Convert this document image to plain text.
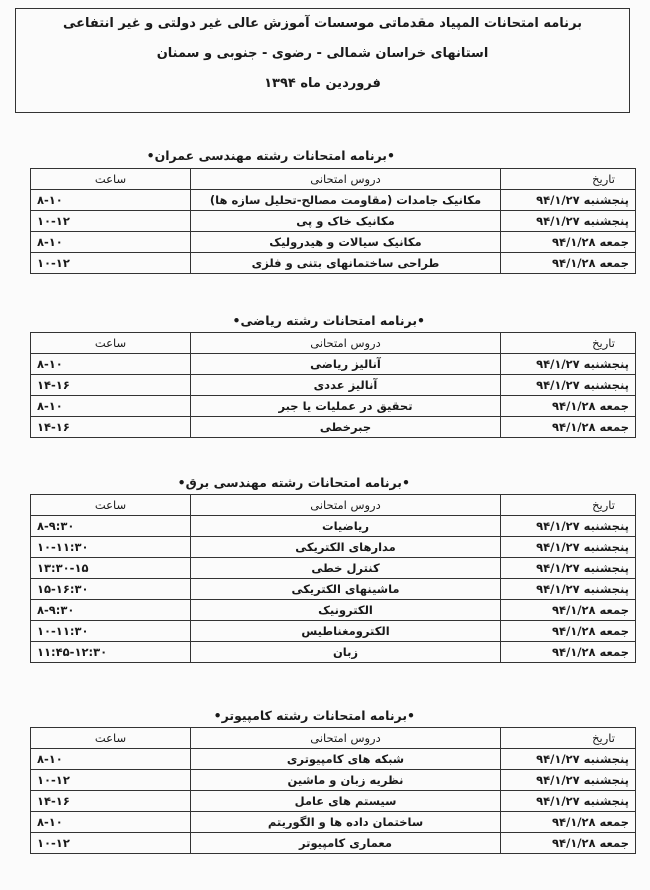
برنامه امتحانات المپیاد مقدماتی موسسات آموزش عالی غیر دولتی و غیر انتفاعی
استانهای خراسان شمالی - رضوی - جنوبی و سمنان
فروردین ماه ۱۳۹۴
•برنامه امتحانات رشته مهندسی عمران•
تاریخ	دروس امتحانی	ساعت
پنجشنبه ۹۴/۱/۲۷	مکانیک جامدات (مقاومت مصالح-تحلیل سازه ها)	۸-۱۰
پنجشنبه ۹۴/۱/۲۷	مکانیک خاک و پی	۱۰-۱۲
جمعه ۹۴/۱/۲۸	مکانیک سیالات و هیدرولیک	۸-۱۰
جمعه ۹۴/۱/۲۸	طراحی ساختمانهای بتنی و فلزی	۱۰-۱۲
•برنامه امتحانات رشته ریاضی•
تاریخ	دروس امتحانی	ساعت
پنجشنبه ۹۴/۱/۲۷	آنالیز ریاضی	۸-۱۰
پنجشنبه ۹۴/۱/۲۷	آنالیز عددی	۱۴-۱۶
جمعه ۹۴/۱/۲۸	تحقیق در عملیات یا جبر	۸-۱۰
جمعه ۹۴/۱/۲۸	جبرخطی	۱۴-۱۶
•برنامه امتحانات رشته مهندسی برق•
تاریخ	دروس امتحانی	ساعت
پنجشنبه ۹۴/۱/۲۷	ریاضیات	۸-۹:۳۰
پنجشنبه ۹۴/۱/۲۷	مدارهای الکتریکی	۱۰-۱۱:۳۰
پنجشنبه ۹۴/۱/۲۷	کنترل خطی	۱۳:۳۰-۱۵
پنجشنبه ۹۴/۱/۲۷	ماشینهای الکتریکی	۱۵-۱۶:۳۰
جمعه ۹۴/۱/۲۸	الکترونیک	۸-۹:۳۰
جمعه ۹۴/۱/۲۸	الکترومغناطیس	۱۰-۱۱:۳۰
جمعه ۹۴/۱/۲۸	زبان	۱۱:۴۵-۱۲:۳۰
•برنامه امتحانات رشته کامپیوتر•
تاریخ	دروس امتحانی	ساعت
پنجشنبه ۹۴/۱/۲۷	شبکه های کامپیوتری	۸-۱۰
پنجشنبه ۹۴/۱/۲۷	نظریه زبان و ماشین	۱۰-۱۲
پنجشنبه ۹۴/۱/۲۷	سیستم های عامل	۱۴-۱۶
جمعه ۹۴/۱/۲۸	ساختمان داده ها و الگوریتم	۸-۱۰
جمعه ۹۴/۱/۲۸	معماری کامپیوتر	۱۰-۱۲
